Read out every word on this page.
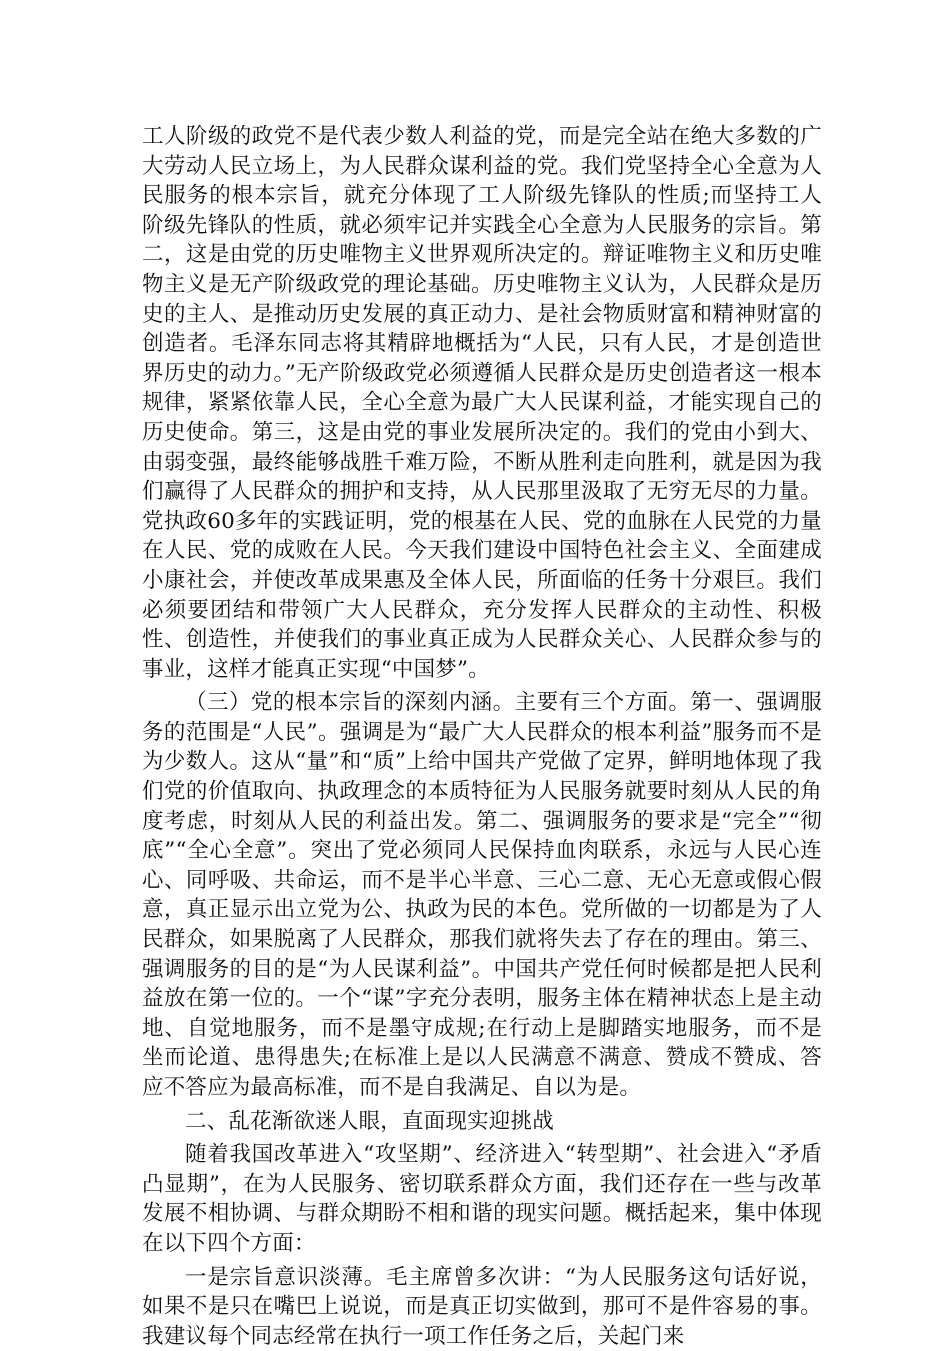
工人阶级的政党不是代表少数人利益的党，而是完全站在绝大多数的广大劳动人民立场上，为人民群众谋利益的党。我们党坚持全心全意为人民服务的根本宗旨，就充分体现了工人阶级先锋队的性质;而坚持工人阶级先锋队的性质，就必须牢记并实践全心全意为人民服务的宗旨。第二，这是由党的历史唯物主义世界观所决定的。辩证唯物主义和历史唯物主义是无产阶级政党的理论基础。历史唯物主义认为，人民群众是历史的主人、是推动历史发展的真正动力、是社会物质财富和精神财富的创造者。毛泽东同志将其精辟地概括为“人民，只有人民，才是创造世界历史的动力。”无产阶级政党必须遵循人民群众是历史创造者这一根本规律，紧紧依靠人民，全心全意为最广大人民谋利益，才能实现自己的历史使命。第三，这是由党的事业发展所决定的。我们的党由小到大、由弱变强，最终能够战胜千难万险，不断从胜利走向胜利，就是因为我们赢得了人民群众的拥护和支持，从人民那里汲取了无穷无尽的力量。党执政60多年的实践证明，党的根基在人民、党的血脉在人民党的力量在人民、党的成败在人民。今天我们建设中国特色社会主义、全面建成小康社会，并使改革成果惠及全体人民，所面临的任务十分艰巨。我们必须要团结和带领广大人民群众，充分发挥人民群众的主动性、积极性、创造性，并使我们的事业真正成为人民群众关心、人民群众参与的事业，这样才能真正实现“中国梦”。

（三）党的根本宗旨的深刻内涵。主要有三个方面。第一、强调服务的范围是“人民”。强调是为“最广大人民群众的根本利益”服务而不是为少数人。这从“量”和“质”上给中国共产党做了定界，鲜明地体现了我们党的价值取向、执政理念的本质特征为人民服务就要时刻从人民的角度考虑，时刻从人民的利益出发。第二、强调服务的要求是“完全”“彻底”“全心全意”。突出了党必须同人民保持血肉联系，永远与人民心连心、同呼吸、共命运，而不是半心半意、三心二意、无心无意或假心假意，真正显示出立党为公、执政为民的本色。党所做的一切都是为了人民群众，如果脱离了人民群众，那我们就将失去了存在的理由。第三、强调服务的目的是“为人民谋利益”。中国共产党任何时候都是把人民利益放在第一位的。一个“谋”字充分表明，服务主体在精神状态上是主动地、自觉地服务，而不是墨守成规;在行动上是脚踏实地服务，而不是坐而论道、患得患失;在标准上是以人民满意不满意、赞成不赞成、答应不答应为最高标准，而不是自我满足、自以为是。

二、乱花渐欲迷人眼，直面现实迎挑战

随着我国改革进入“攻坚期”、经济进入“转型期”、社会进入“矛盾凸显期”，在为人民服务、密切联系群众方面，我们还存在一些与改革发展不相协调、与群众期盼不相和谐的现实问题。概括起来，集中体现在以下四个方面：

一是宗旨意识淡薄。毛主席曾多次讲：“为人民服务这句话好说，如果不是只在嘴巴上说说，而是真正切实做到，那可不是件容易的事。我建议每个同志经常在执行一项工作任务之后，关起门来
